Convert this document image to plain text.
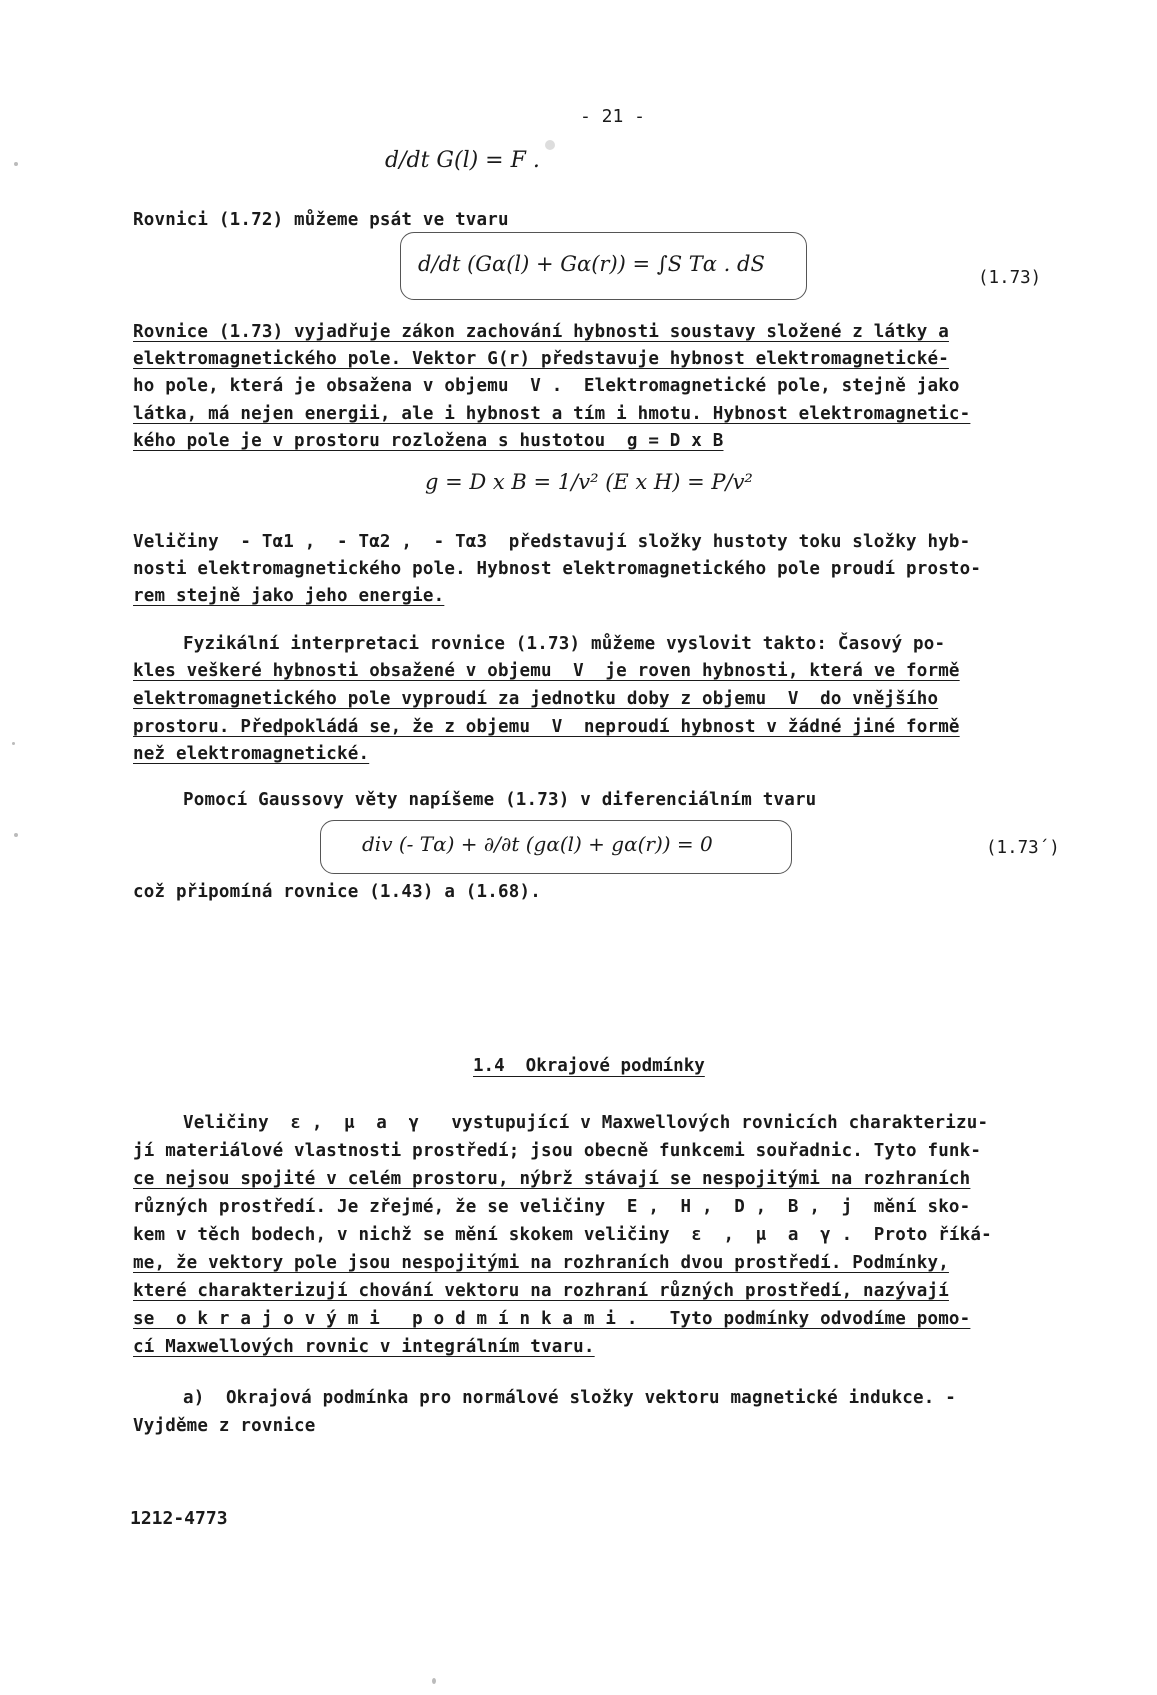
- 21 -
d/dt G(l) = F .
Rovnici (1.72) můžeme psát ve tvaru
d/dt (Gα(l) + Gα(r)) = ∫S Tα . dS
(1.73)
Rovnice (1.73) vyjadřuje zákon zachování hybnosti soustavy složené z látky a
elektromagnetického pole. Vektor G(r) představuje hybnost elektromagnetické-
ho pole, která je obsažena v objemu  V .  Elektromagnetické pole, stejně jako
látka, má nejen energii, ale i hybnost a tím i hmotu. Hybnost elektromagnetic-
kého pole je v prostoru rozložena s hustotou  g = D x B
g = D x B = 1/v² (E x H) = P/v²
Veličiny  - Tα1 ,  - Tα2 ,  - Tα3  představují složky hustoty toku složky hyb-
nosti elektromagnetického pole. Hybnost elektromagnetického pole proudí prosto-
rem stejně jako jeho energie.
Fyzikální interpretaci rovnice (1.73) můžeme vyslovit takto: Časový po-
kles veškeré hybnosti obsažené v objemu  V  je roven hybnosti, která ve formě
elektromagnetického pole vyproudí za jednotku doby z objemu  V  do vnějšího
prostoru. Předpokládá se, že z objemu  V  neproudí hybnost v žádné jiné formě
než elektromagnetické.
Pomocí Gaussovy věty napíšeme (1.73) v diferenciálním tvaru
div (- Tα) + ∂/∂t (gα(l) + gα(r)) = 0	(1.73´)
což připomíná rovnice (1.43) a (1.68).
1.4  Okrajové podmínky
Veličiny  ε ,  μ  a  γ   vystupující v Maxwellových rovnicích charakterizu-
jí materiálové vlastnosti prostředí; jsou obecně funkcemi souřadnic. Tyto funk-
ce nejsou spojité v celém prostoru, nýbrž stávají se nespojitými na rozhraních
různých prostředí. Je zřejmé, že se veličiny  E ,  H ,  D ,  B ,  j  mění sko-
kem v těch bodech, v nichž se mění skokem veličiny  ε  ,  μ  a  γ .  Proto říká-
me, že vektory pole jsou nespojitými na rozhraních dvou prostředí. Podmínky,
které charakterizují chování vektoru na rozhraní různých prostředí, nazývají
se  o k r a j o v ý m i   p o d m í n k a m i .   Tyto podmínky odvodíme pomo-
cí Maxwellových rovnic v integrálním tvaru.
a)  Okrajová podmínka pro normálové složky vektoru magnetické indukce. -
Vyjděme z rovnice
1212-4773
